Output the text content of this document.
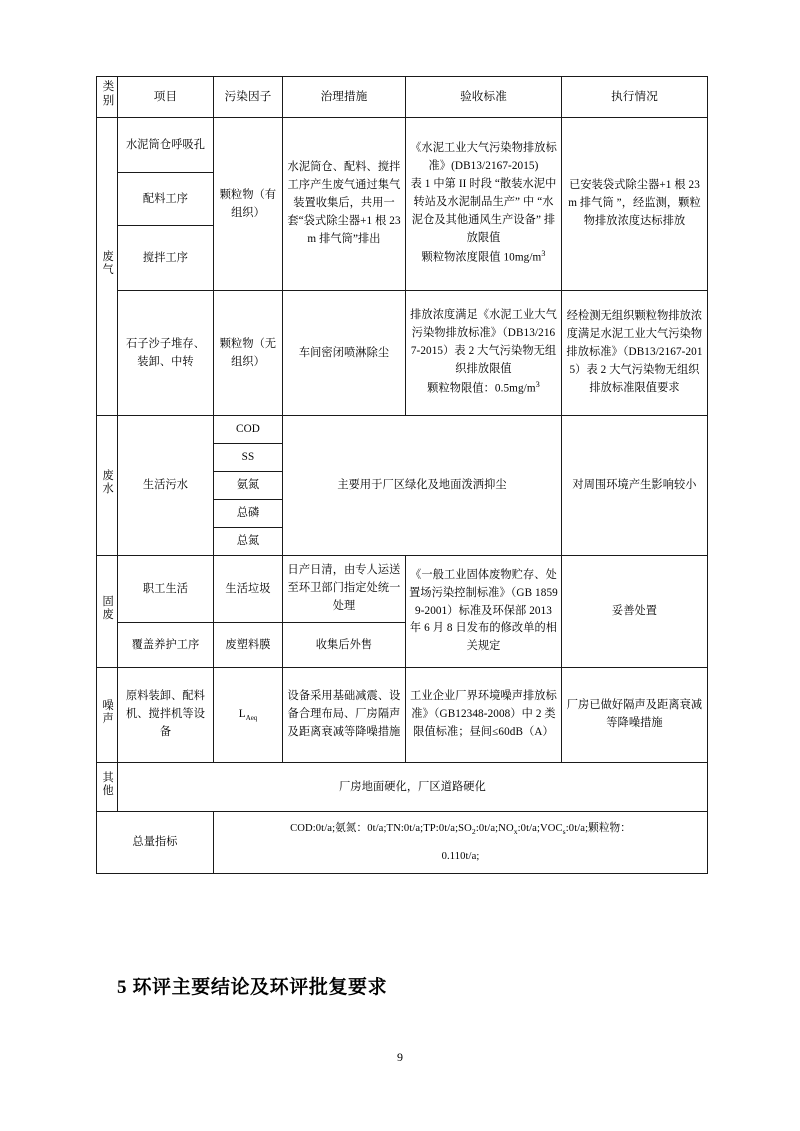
类别	项目	污染因子	治理措施	验收标准	执行情况
废气	水泥筒仓呼吸孔	颗粒物（有组织）	水泥筒仓、配料、搅拌工序产生废气通过集气装置收集后，共用一套“袋式除尘器+1 根 23m 排气筒”排出	《水泥工业大气污染物排放标准》(DB13/2167-2015)
表 1 中第 II 时段 “散装水泥中转站及水泥制品生产” 中 “水泥仓及其他通风生产设备” 排放限值
颗粒物浓度限值 $10mg/m^3$	已安装袋式除尘器+1 根 23m 排气筒 ”，经监测，颗粒物排放浓度达标排放
	配料工序				
	搅拌工序				
	石子沙子堆存、装卸、中转	颗粒物（无组织）	车间密闭喷淋除尘	排放浓度满足《水泥工业大气污染物排放标准》（DB13/2167-2015）表 2 大气污染物无组织排放限值
颗粒物限值：$0.5mg/m^3$	经检测无组织颗粒物排放浓度满足水泥工业大气污染物排放标准》（DB13/2167-2015）表 2 大气污染物无组织排放标准限值要求
废水	生活污水	COD	主要用于厂区绿化及地面泼洒抑尘		对周围环境产生影响较小
		SS			
		氨氮			
		总磷			
		总氮			
固废	职工生活	生活垃圾	日产日清，由专人运送至环卫部门指定处统一处理	《一般工业固体废物贮存、处置场污染控制标准》（GB 18599-2001）标准及环保部 2013 年 6 月 8 日发布的修改单的相关规定	妥善处置
	覆盖养护工序	废塑料膜	收集后外售		
噪声	原料装卸、配料机、搅拌机等设备	$L_{Aeq}$	设备采用基础减震、设备合理布局、厂房隔声及距离衰减等降噪措施	工业企业厂界环境噪声排放标准》（GB12348-2008）中 2 类限值标准；昼间≤60dB（A）	厂房已做好隔声及距离衰减等降噪措施
其他	厂房地面硬化，厂区道路硬化				
总量指标		COD:0t/a;氨氮：$0t/a;TN:0t/a;TP:0t/a;SO_2:0t/a;NO_x:0t/a;VOC_s:0t/a$;颗粒物：
0.110t/a;			
5 环评主要结论及环评批复要求
9
